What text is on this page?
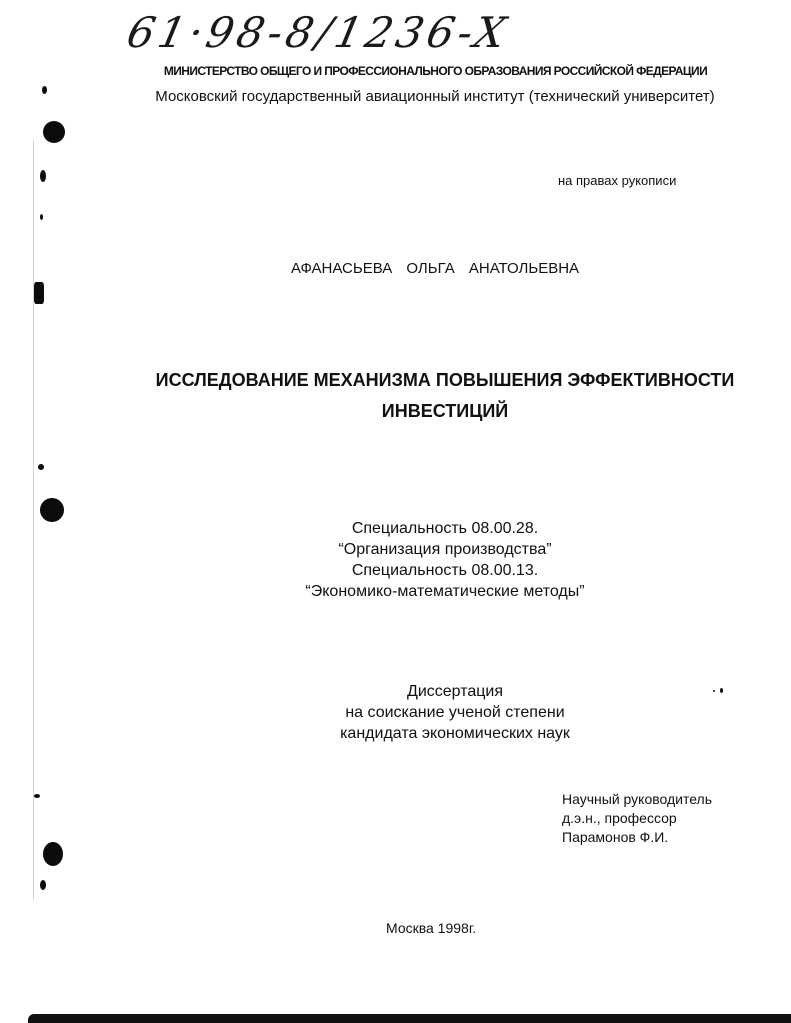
61·98-8/1236-X
МИНИСТЕРСТВО ОБЩЕГО И ПРОФЕССИОНАЛЬНОГО ОБРАЗОВАНИЯ РОССИЙСКОЙ ФЕДЕРАЦИИ
Московский государственный авиационный институт (технический университет)
на правах рукописи
АФАНАСЬЕВА ОЛЬГА АНАТОЛЬЕВНА
ИССЛЕДОВАНИЕ МЕХАНИЗМА ПОВЫШЕНИЯ ЭФФЕКТИВНОСТИ
ИНВЕСТИЦИЙ
Специальность 08.00.28.
“Организация производства”
Специальность 08.00.13.
“Экономико-математические методы”
Диссертация
на соискание ученой степени
кандидата экономических наук
Научный руководитель
д.э.н., профессор
Парамонов Ф.И.
Москва 1998г.
